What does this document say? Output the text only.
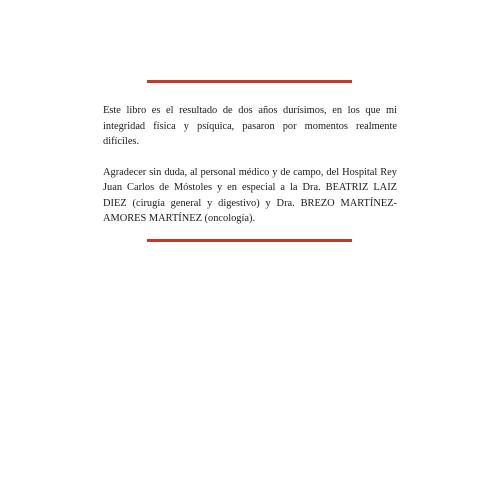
Este libro es el resultado de dos años durísimos, en los que mi integridad física y psíquica, pasaron por momentos realmente difíciles.

Agradecer sin duda, al personal médico y de campo, del Hospital Rey Juan Carlos de Móstoles y en especial a la Dra. BEATRIZ LAIZ DIEZ (cirugía general y digestivo) y Dra. BREZO MARTÍNEZ-AMORES MARTÍNEZ (oncología).
